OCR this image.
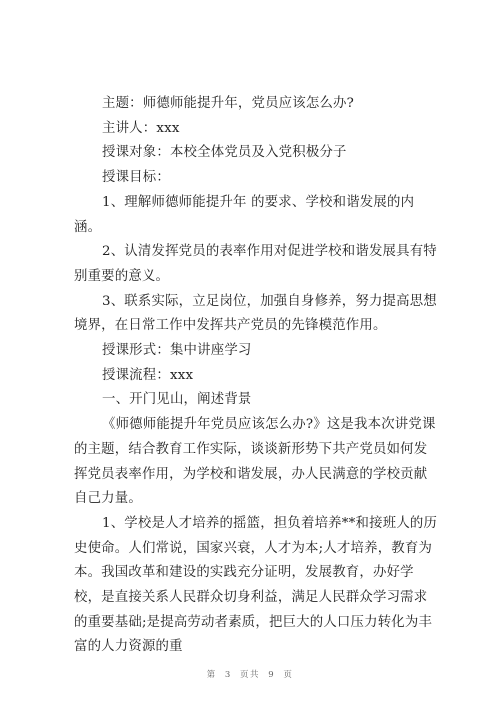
主题：师德师能提升年，党员应该怎么办?

主讲人：xxx

授课对象：本校全体党员及入党积极分子

授课目标：

1、理解师德师能提升年 的要求、学校和谐发展的内涵。

2、认清发挥党员的表率作用对促进学校和谐发展具有特别重要的意义。

3、联系实际，立足岗位，加强自身修养，努力提高思想境界，在日常工作中发挥共产党员的先锋模范作用。

授课形式：集中讲座学习

授课流程：xxx

一、开门见山，阐述背景

《师德师能提升年党员应该怎么办?》这是我本次讲党课的主题，结合教育工作实际，谈谈新形势下共产党员如何发挥党员表率作用，为学校和谐发展，办人民满意的学校贡献自己力量。

1、学校是人才培养的摇篮，担负着培养**和接班人的历史使命。人们常说，国家兴衰，人才为本;人才培养，教育为本。我国改革和建设的实践充分证明，发展教育，办好学校，是直接关系人民群众切身利益，满足人民群众学习需求的重要基础;是提高劳动者素质，把巨大的人口压力转化为丰富的人力资源的重

第 3 页共 9 页
